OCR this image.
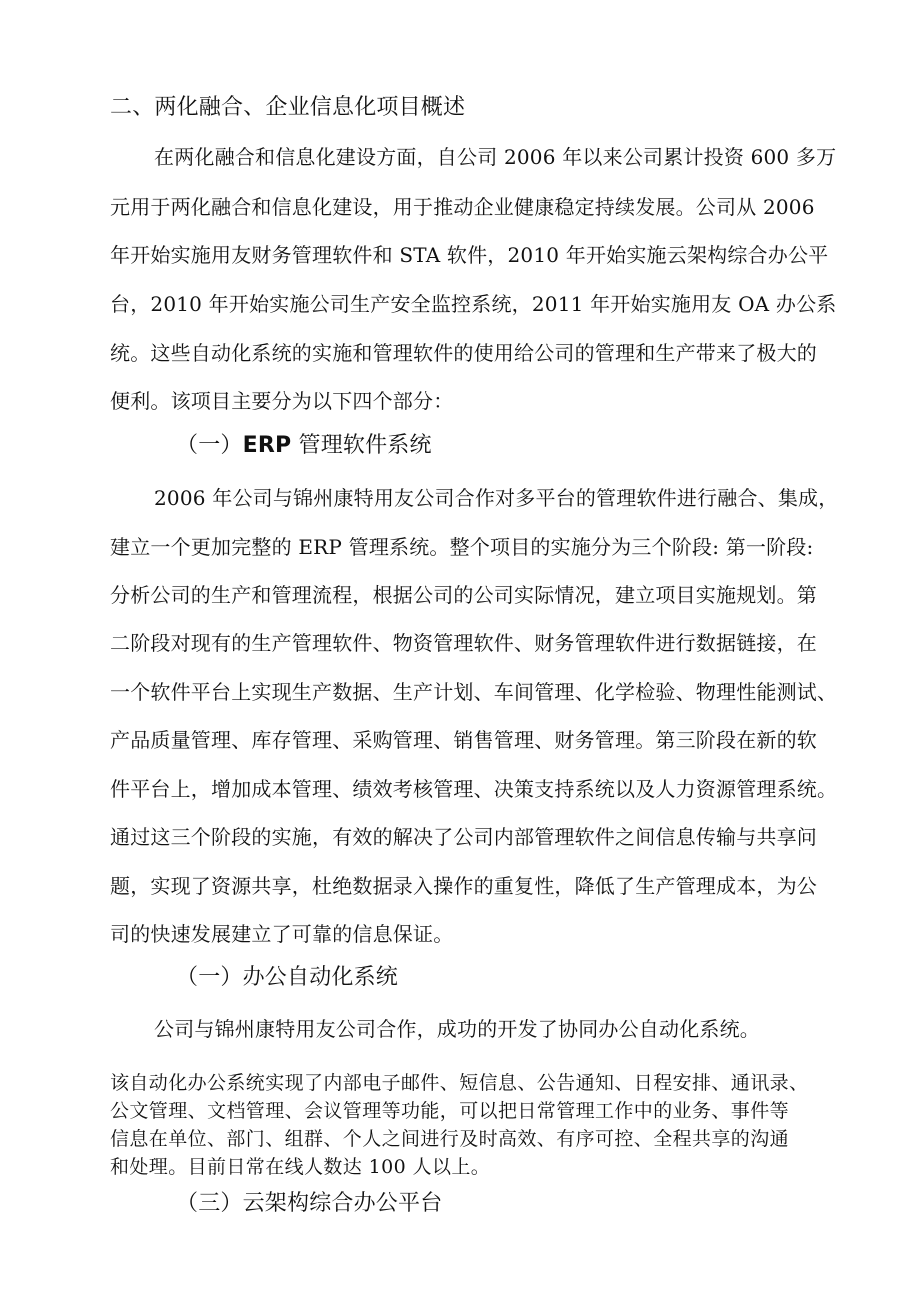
二、两化融合、企业信息化项目概述
在两化融合和信息化建设方面，自公司 2006 年以来公司累计投资 600 多万
元用于两化融合和信息化建设，用于推动企业健康稳定持续发展。公司从 2006
年开始实施用友财务管理软件和 STA 软件，2010 年开始实施云架构综合办公平
台，2010 年开始实施公司生产安全监控系统，2011 年开始实施用友 OA 办公系
统。这些自动化系统的实施和管理软件的使用给公司的管理和生产带来了极大的
便利。该项目主要分为以下四个部分：
（一）ERP 管理软件系统
2006 年公司与锦州康特用友公司合作对多平台的管理软件进行融合、集成，
建立一个更加完整的 ERP 管理系统。整个项目的实施分为三个阶段: 第一阶段:
分析公司的生产和管理流程，根据公司的公司实际情况，建立项目实施规划。第
二阶段对现有的生产管理软件、物资管理软件、财务管理软件进行数据链接，在
一个软件平台上实现生产数据、生产计划、车间管理、化学检验、物理性能测试、
产品质量管理、库存管理、采购管理、销售管理、财务管理。第三阶段在新的软
件平台上，增加成本管理、绩效考核管理、决策支持系统以及人力资源管理系统。
通过这三个阶段的实施，有效的解决了公司内部管理软件之间信息传输与共享问
题，实现了资源共享，杜绝数据录入操作的重复性，降低了生产管理成本，为公
司的快速发展建立了可靠的信息保证。
（一）办公自动化系统
公司与锦州康特用友公司合作，成功的开发了协同办公自动化系统。
该自动化办公系统实现了内部电子邮件、短信息、公告通知、日程安排、通讯录、
公文管理、文档管理、会议管理等功能，可以把日常管理工作中的业务、事件等
信息在单位、部门、组群、个人之间进行及时高效、有序可控、全程共享的沟通
和处理。目前日常在线人数达 100 人以上。
（三）云架构综合办公平台
